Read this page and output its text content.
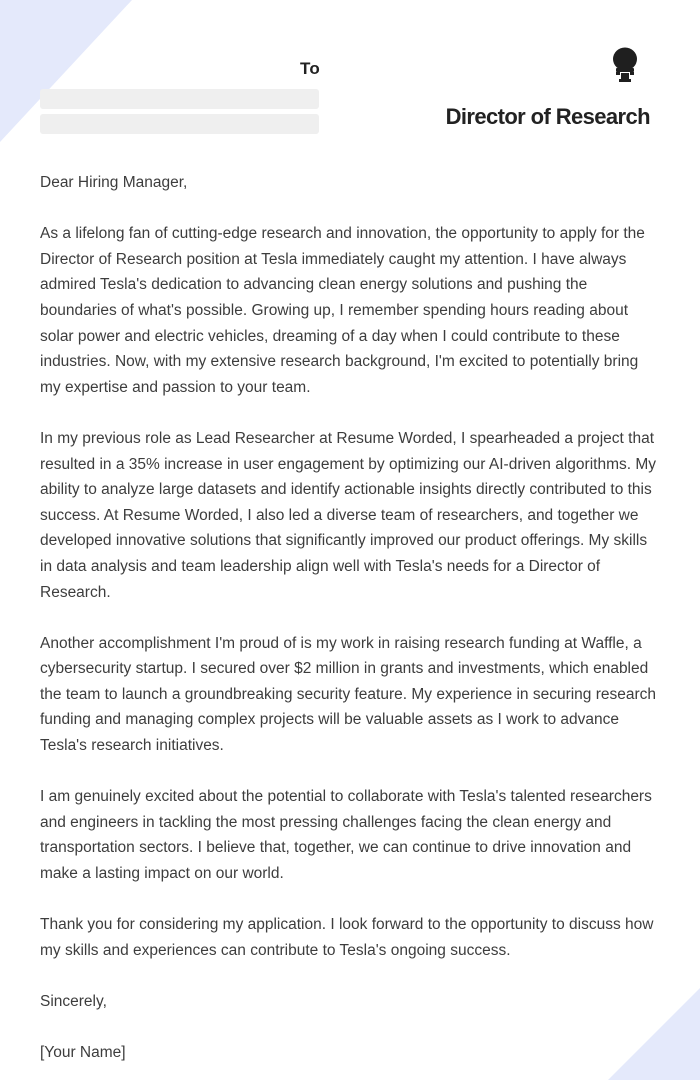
To
Director of Research

Dear Hiring Manager,

As a lifelong fan of cutting-edge research and innovation, the opportunity to apply for the Director of Research position at Tesla immediately caught my attention. I have always admired Tesla's dedication to advancing clean energy solutions and pushing the boundaries of what's possible. Growing up, I remember spending hours reading about solar power and electric vehicles, dreaming of a day when I could contribute to these industries. Now, with my extensive research background, I'm excited to potentially bring my expertise and passion to your team.

In my previous role as Lead Researcher at Resume Worded, I spearheaded a project that resulted in a 35% increase in user engagement by optimizing our AI-driven algorithms. My ability to analyze large datasets and identify actionable insights directly contributed to this success. At Resume Worded, I also led a diverse team of researchers, and together we developed innovative solutions that significantly improved our product offerings. My skills in data analysis and team leadership align well with Tesla's needs for a Director of Research.

Another accomplishment I'm proud of is my work in raising research funding at Waffle, a cybersecurity startup. I secured over $2 million in grants and investments, which enabled the team to launch a groundbreaking security feature. My experience in securing research funding and managing complex projects will be valuable assets as I work to advance Tesla's research initiatives.

I am genuinely excited about the potential to collaborate with Tesla's talented researchers and engineers in tackling the most pressing challenges facing the clean energy and transportation sectors. I believe that, together, we can continue to drive innovation and make a lasting impact on our world.

Thank you for considering my application. I look forward to the opportunity to discuss how my skills and experiences can contribute to Tesla's ongoing success.

Sincerely,

[Your Name]
